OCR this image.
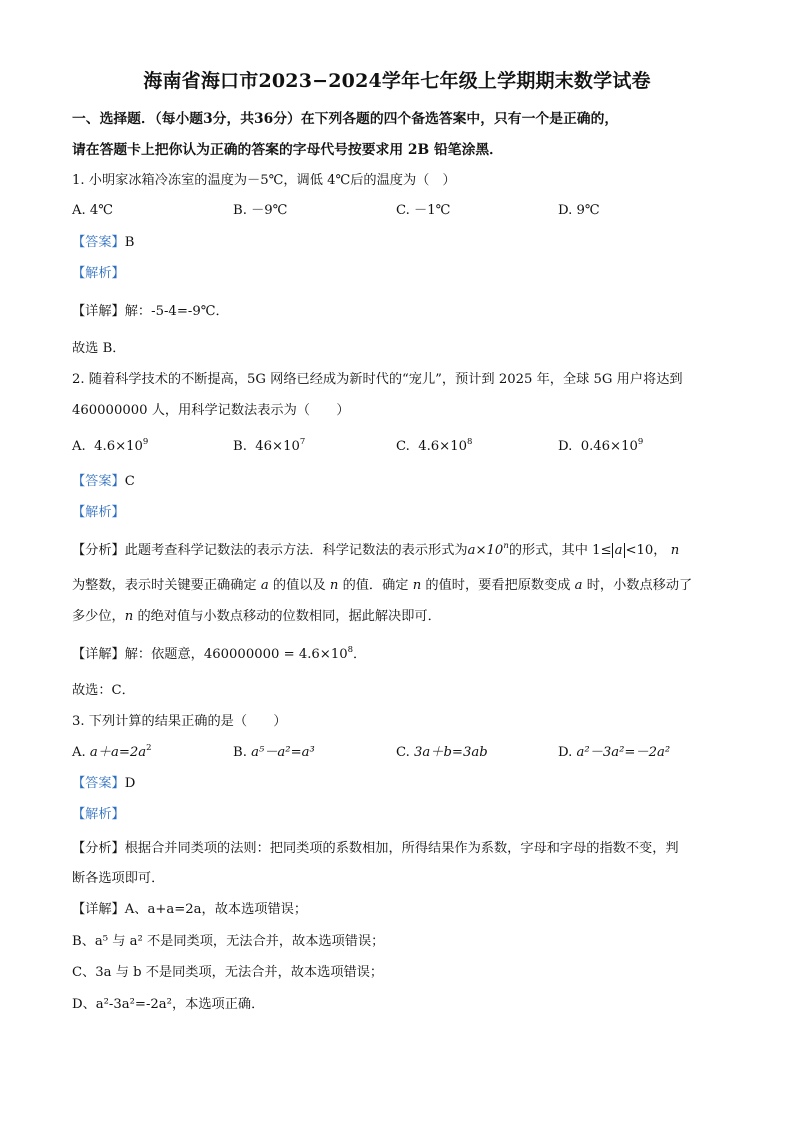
海南省海口市2023−2024学年七年级上学期期末数学试卷
一、选择题．（每小题3分，共36分）在下列各题的四个备选答案中，只有一个是正确的，
请在答题卡上把你认为正确的答案的字母代号按要求用 2B 铅笔涂黑．
1. 小明家冰箱冷冻室的温度为－5℃，调低 4℃后的温度为（　）
A. 4℃	B. －9℃	C. －1℃	D. 9℃
【答案】B
【解析】
【详解】解：-5-4=-9℃．
故选 B．
2. 随着科学技术的不断提高，5G 网络已经成为新时代的“宠儿”，预计到 2025 年，全球 5G 用户将达到
460000000 人，用科学记数法表示为（　　）
A. $4.6\times 10^9$	B. $46\times 10^7$	C. $4.6\times 10^8$	D. $0.46\times 10^9$
【答案】C
【解析】
【分析】此题考查科学记数法的表示方法．科学记数法的表示形式为$a\times 10^n$的形式，其中 1≤ a <10， n
为整数，表示时关键要正确确定 a 的值以及 n 的值．确定 n 的值时，要看把原数变成 a 时，小数点移动了
多少位，n 的绝对值与小数点移动的位数相同，据此解决即可．
【详解】解：依题意，$460000000 = 4.6\times 10^8$．
故选：C．
3. 下列计算的结果正确的是（　　）
A. $a+a=2a^2$	B. a⁵－a²=a³	C. 3a＋b=3ab	D. a²－3a²=－2a²
【答案】D
【解析】
【分析】根据合并同类项的法则：把同类项的系数相加，所得结果作为系数，字母和字母的指数不变，判
断各选项即可．
【详解】A、a+a=2a，故本选项错误；
B、a⁵ 与 a² 不是同类项，无法合并，故本选项错误；
C、3a 与 b 不是同类项，无法合并，故本选项错误；
D、a²-3a²=-2a²，本选项正确．
